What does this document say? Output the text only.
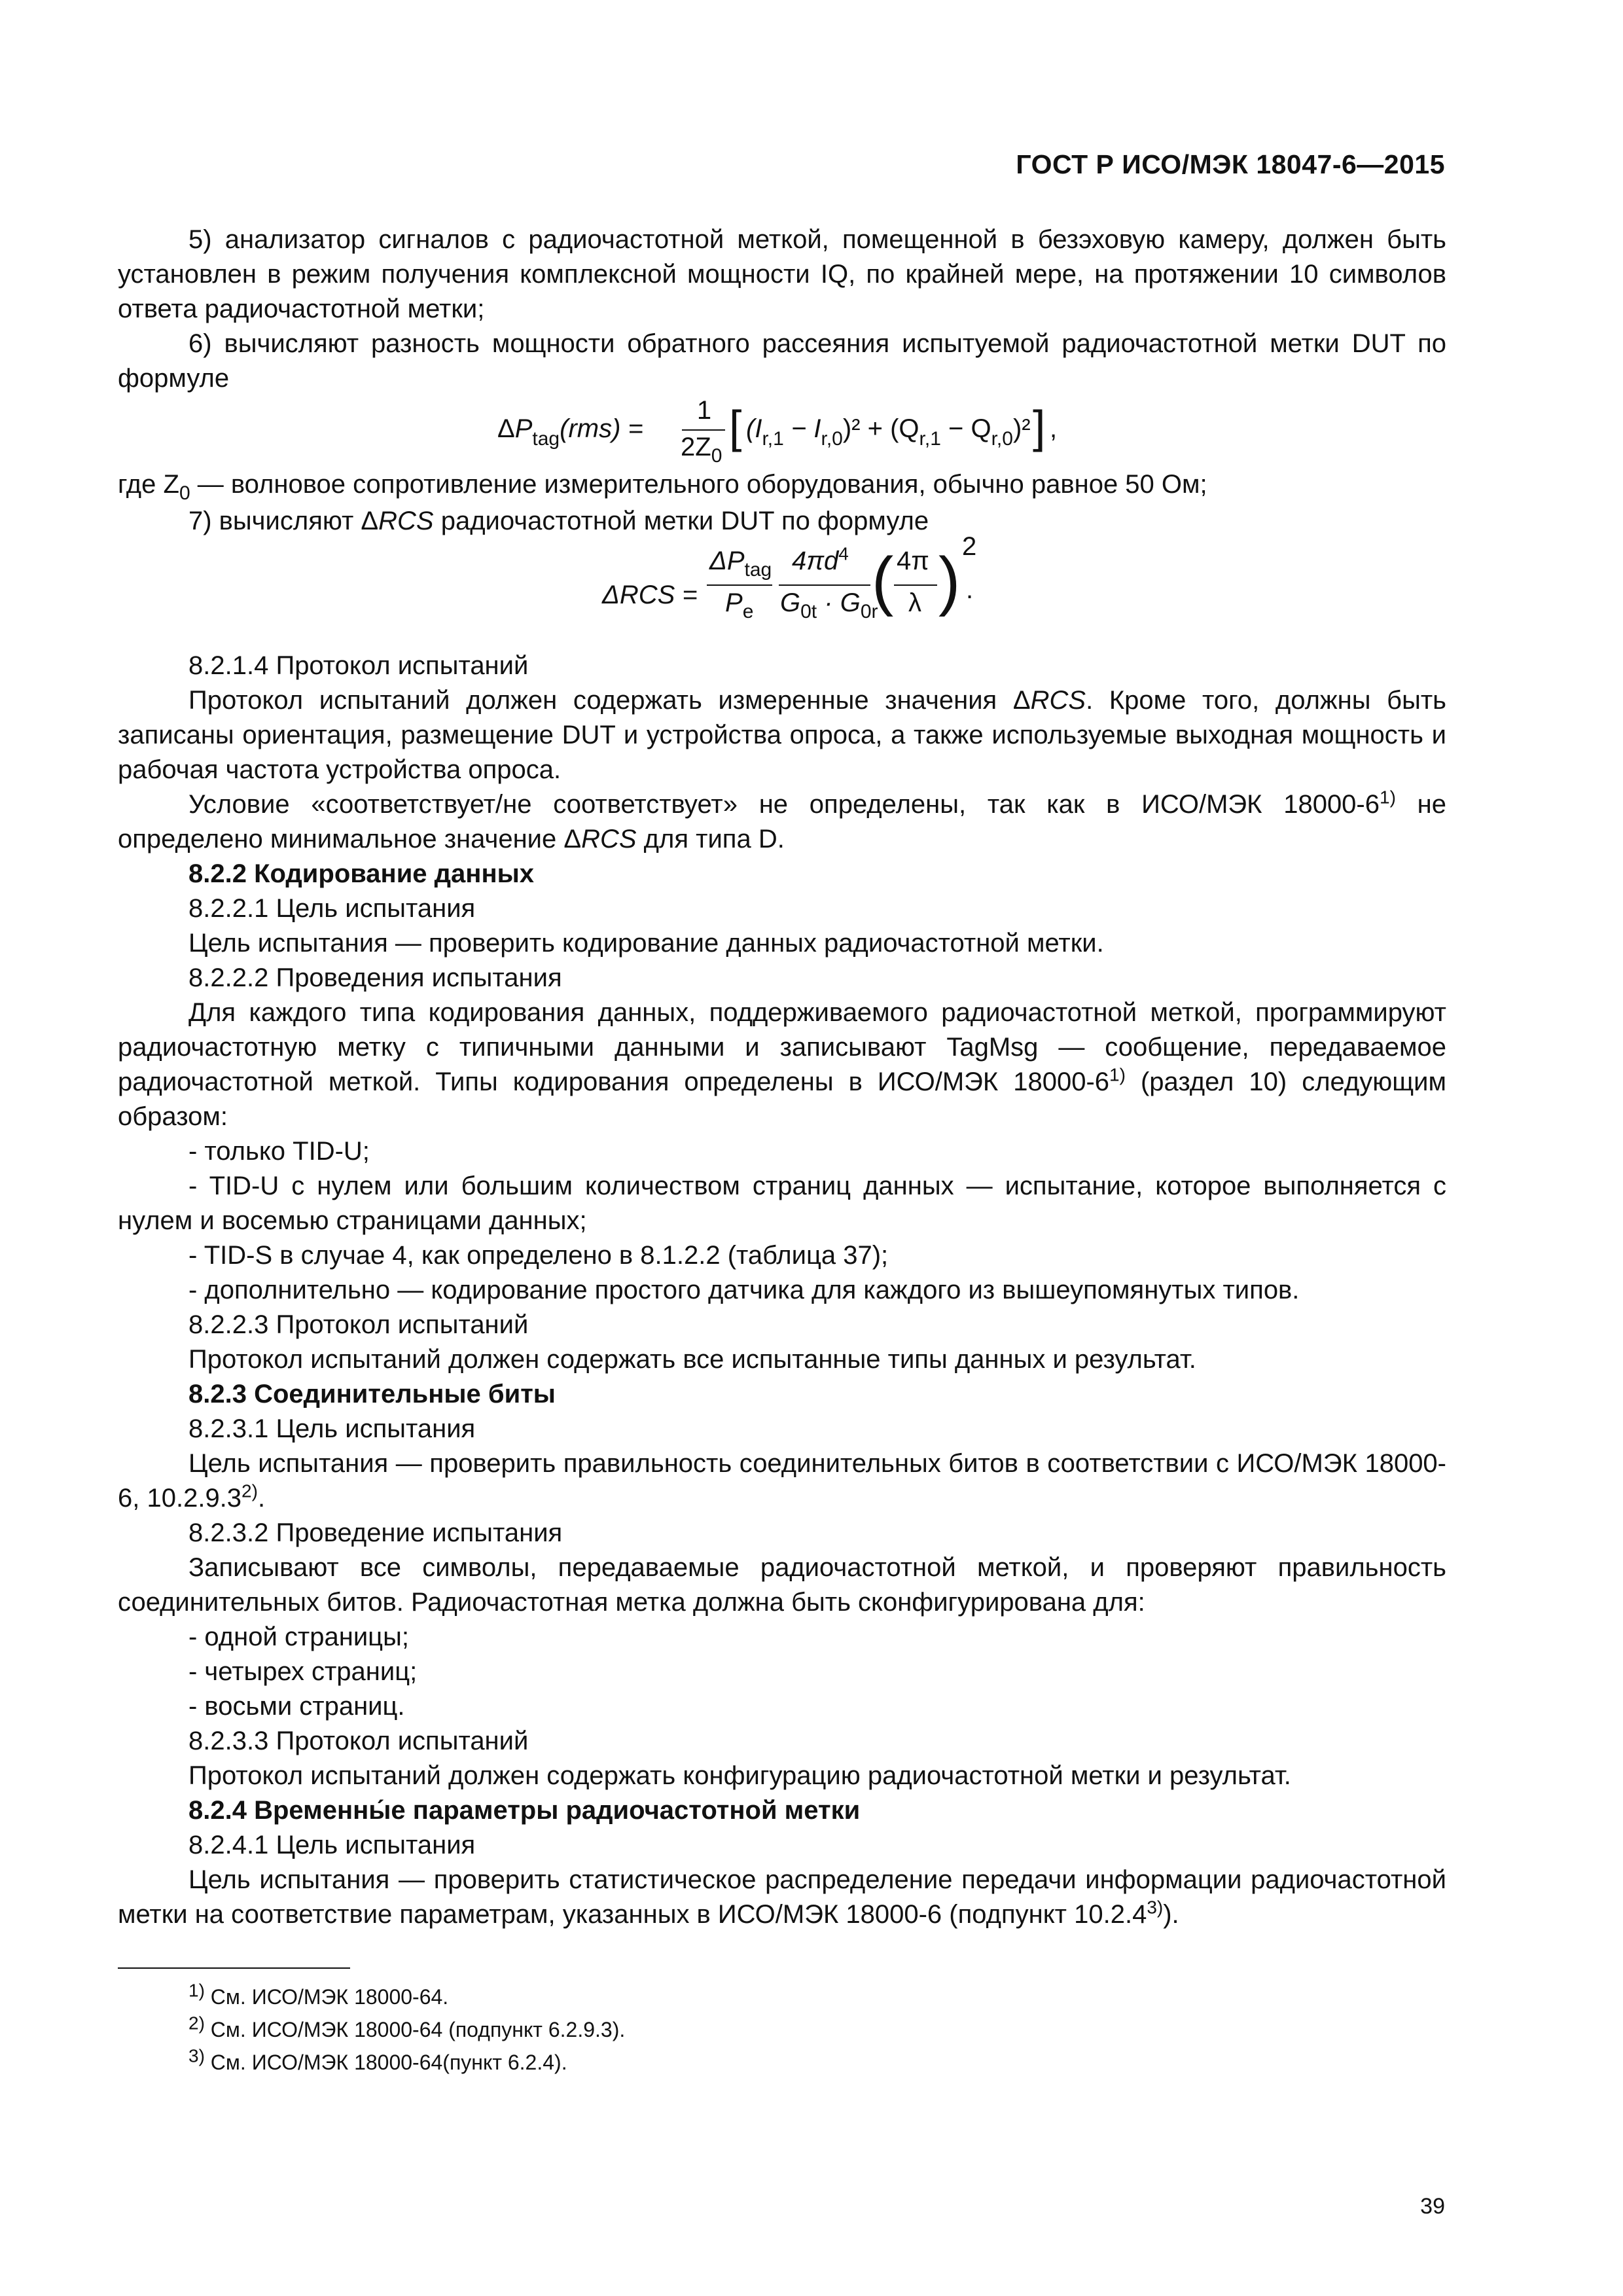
ГОСТ Р ИСО/МЭК 18047-6—2015

5) анализатор сигналов с радиочастотной меткой, помещенной в безэховую камеру, должен быть установлен в режим получения комплексной мощности IQ, по крайней мере, на протяжении 10 символов ответа радиочастотной метки;

6) вычисляют разность мощности обратного рассеяния испытуемой радиочастотной метки DUT по формуле

$\Delta P_{tag}(rms)$ =
1
$2Z_0$
[ $(I_{r,1} - I_{r,0})^2 + (Q_{r,1} - Q_{r,0})^2$ ] ,

где $Z_0$ — волновое сопротивление измерительного оборудования, обычно равное 50 Ом;

7) вычисляют ΔRCS радиочастотной метки DUT по формуле

ΔRCS =
$\Delta P_{tag}$
$P_e$
$4\pi d^4$
$G_{0t} \cdot G_{0r}$
( 4π
λ ) 2
.

8.2.1.4 Протокол испытаний

Протокол испытаний должен содержать измеренные значения ΔRCS. Кроме того, должны быть записаны ориентация, размещение DUT и устройства опроса, а также используемые выходная мощность и рабочая частота устройства опроса.

Условие «соответствует/не соответствует» не определены, так как в ИСО/МЭК 18000-6$^{1)}$ не определено минимальное значение ΔRCS для типа D.

8.2.2 Кодирование данных

8.2.2.1 Цель испытания

Цель испытания — проверить кодирование данных радиочастотной метки.

8.2.2.2 Проведения испытания

Для каждого типа кодирования данных, поддерживаемого радиочастотной меткой, программируют радиочастотную метку с типичными данными и записывают TagMsg — сообщение, передаваемое радиочастотной меткой. Типы кодирования определены в ИСО/МЭК 18000-6$^{1)}$ (раздел 10) следующим образом:

- только TID-U;

- TID-U с нулем или большим количеством страниц данных — испытание, которое выполняется с нулем и восемью страницами данных;

- TID-S в случае 4, как определено в 8.1.2.2 (таблица 37);

- дополнительно — кодирование простого датчика для каждого из вышеупомянутых типов.

8.2.2.3 Протокол испытаний

Протокол испытаний должен содержать все испытанные типы данных и результат.

8.2.3 Соединительные биты

8.2.3.1 Цель испытания

Цель испытания — проверить правильность соединительных битов в соответствии с ИСО/МЭК 18000-6, 10.2.9.3$^{2)}$.

8.2.3.2 Проведение испытания

Записывают все символы, передаваемые радиочастотной меткой, и проверяют правильность соединительных битов. Радиочастотная метка должна быть сконфигурирована для:

- одной страницы;

- четырех страниц;

- восьми страниц.

8.2.3.3 Протокол испытаний

Протокол испытаний должен содержать конфигурацию радиочастотной метки и результат.

8.2.4 Временны́е параметры радиочастотной метки

8.2.4.1 Цель испытания

Цель испытания — проверить статистическое распределение передачи информации радиочастотной метки на соответствие параметрам, указанных в ИСО/МЭК 18000-6 (подпункт 10.2.4$^{3)}$).

$^{1)}$ См. ИСО/МЭК 18000-64.
$^{2)}$ См. ИСО/МЭК 18000-64 (подпункт 6.2.9.3).
$^{3)}$ См. ИСО/МЭК 18000-64(пункт 6.2.4).
39
